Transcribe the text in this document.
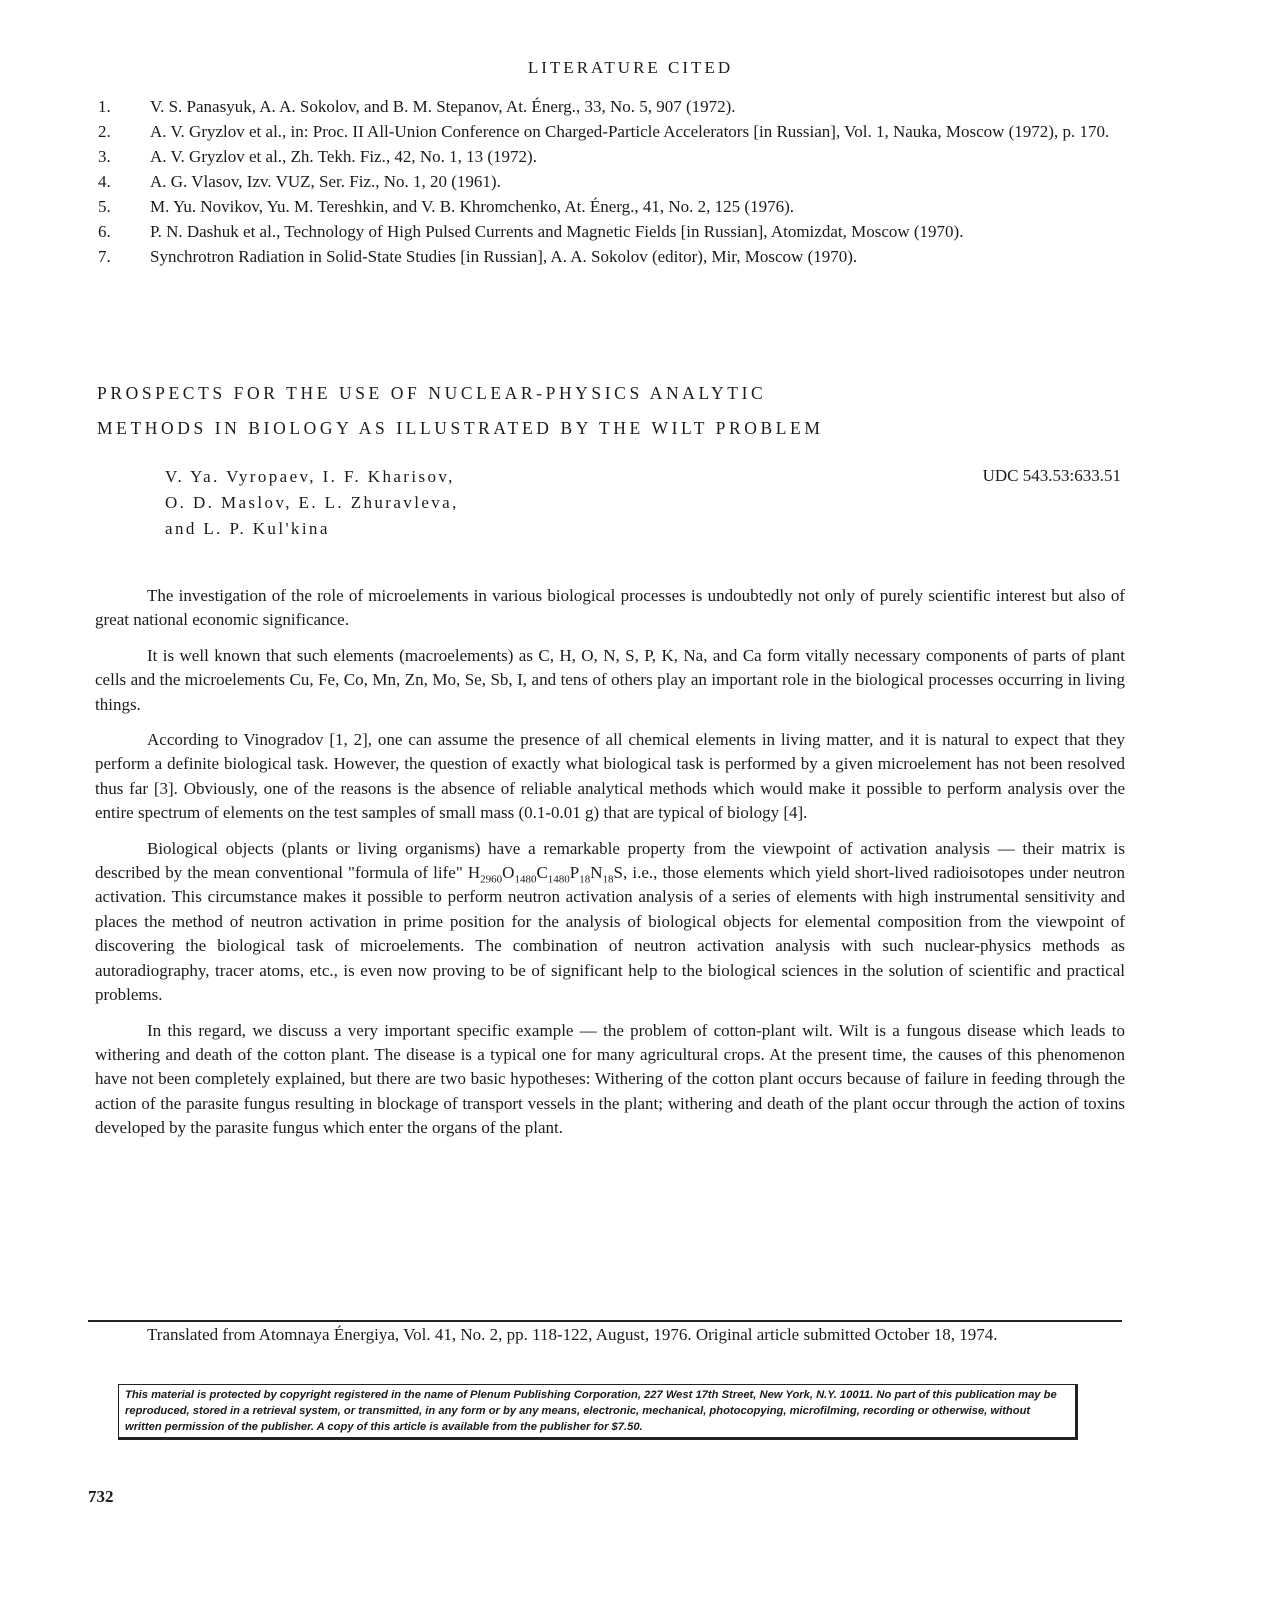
LITERATURE CITED
1.	V. S. Panasyuk, A. A. Sokolov, and B. M. Stepanov, At. Énerg., 33, No. 5, 907 (1972).
2.	A. V. Gryzlov et al., in: Proc. II All-Union Conference on Charged-Particle Accelerators [in Russian], Vol. 1, Nauka, Moscow (1972), p. 170.
3.	A. V. Gryzlov et al., Zh. Tekh. Fiz., 42, No. 1, 13 (1972).
4.	A. G. Vlasov, Izv. VUZ, Ser. Fiz., No. 1, 20 (1961).
5.	M. Yu. Novikov, Yu. M. Tereshkin, and V. B. Khromchenko, At. Énerg., 41, No. 2, 125 (1976).
6.	P. N. Dashuk et al., Technology of High Pulsed Currents and Magnetic Fields [in Russian], Atomizdat, Moscow (1970).
7.	Synchrotron Radiation in Solid-State Studies [in Russian], A. A. Sokolov (editor), Mir, Moscow (1970).
PROSPECTS FOR THE USE OF NUCLEAR-PHYSICS ANALYTIC
METHODS IN BIOLOGY AS ILLUSTRATED BY THE WILT PROBLEM
V. Ya. Vyropaev, I. F. Kharisov,
O. D. Maslov, E. L. Zhuravleva,
and L. P. Kul'kina
UDC 543.53:633.51

The investigation of the role of microelements in various biological processes is undoubtedly not only of purely scientific interest but also of great national economic significance.

It is well known that such elements (macroelements) as C, H, O, N, S, P, K, Na, and Ca form vitally necessary components of parts of plant cells and the microelements Cu, Fe, Co, Mn, Zn, Mo, Se, Sb, I, and tens of others play an important role in the biological processes occurring in living things.

According to Vinogradov [1, 2], one can assume the presence of all chemical elements in living matter, and it is natural to expect that they perform a definite biological task. However, the question of exactly what biological task is performed by a given microelement has not been resolved thus far [3]. Obviously, one of the reasons is the absence of reliable analytical methods which would make it possible to perform analysis over the entire spectrum of elements on the test samples of small mass (0.1-0.01 g) that are typical of biology [4].

Biological objects (plants or living organisms) have a remarkable property from the viewpoint of activation analysis — their matrix is described by the mean conventional "formula of life" $H_{2960}O_{1480}C_{1480}P_{18}N_{18}S$, i.e., those elements which yield short-lived radioisotopes under neutron activation. This circumstance makes it possible to perform neutron activation analysis of a series of elements with high instrumental sensitivity and places the method of neutron activation in prime position for the analysis of biological objects for elemental composition from the viewpoint of discovering the biological task of microelements. The combination of neutron activation analysis with such nuclear-physics methods as autoradiography, tracer atoms, etc., is even now proving to be of significant help to the biological sciences in the solution of scientific and practical problems.

In this regard, we discuss a very important specific example — the problem of cotton-plant wilt. Wilt is a fungous disease which leads to withering and death of the cotton plant. The disease is a typical one for many agricultural crops. At the present time, the causes of this phenomenon have not been completely explained, but there are two basic hypotheses: Withering of the cotton plant occurs because of failure in feeding through the action of the parasite fungus resulting in blockage of transport vessels in the plant; withering and death of the plant occur through the action of toxins developed by the parasite fungus which enter the organs of the plant.

Translated from Atomnaya Énergiya, Vol. 41, No. 2, pp. 118-122, August, 1976. Original article submitted October 18, 1974.
This material is protected by copyright registered in the name of Plenum Publishing Corporation, 227 West 17th Street, New York, N.Y. 10011. No part of this publication may be reproduced, stored in a retrieval system, or transmitted, in any form or by any means, electronic, mechanical, photocopying, microfilming, recording or otherwise, without written permission of the publisher. A copy of this article is available from the publisher for $7.50.
732
